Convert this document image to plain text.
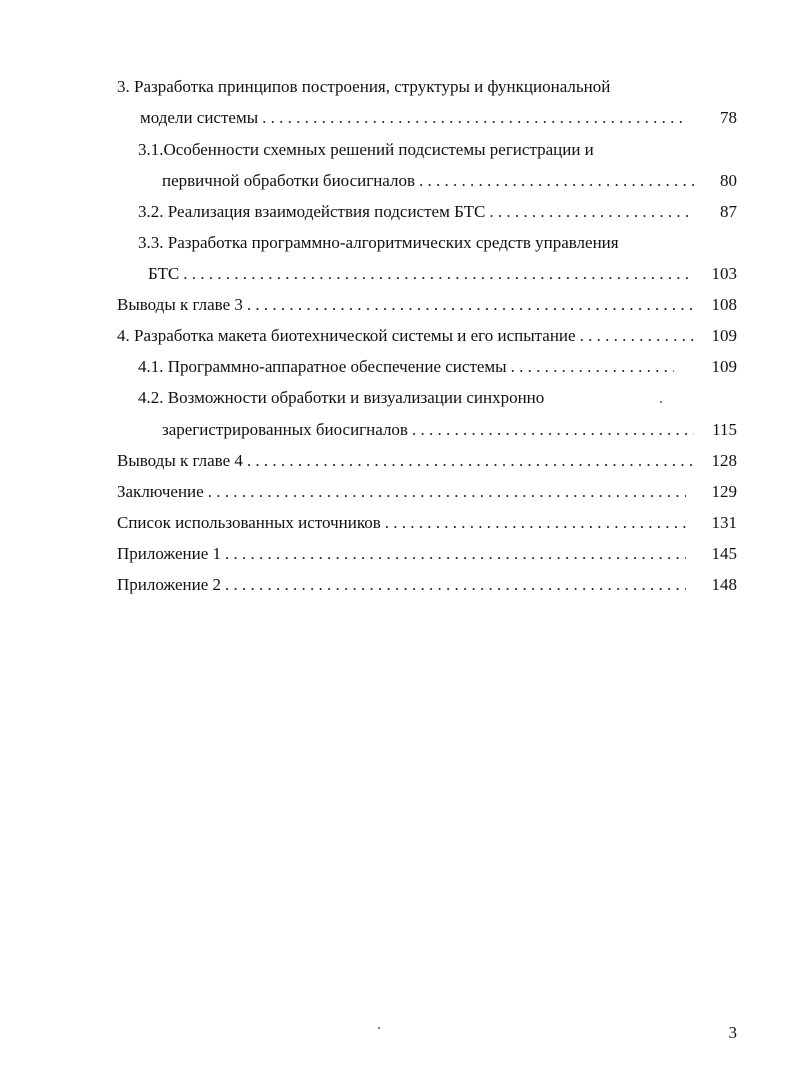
3. Разработка принципов построения, структуры и функциональной
модели системы . . .	78
3.1.Особенности схемных решений подсистемы регистрации и
первичной обработки биосигналов . . .	80
3.2. Реализация взаимодействия подсистем БТС . . .	87
3.3. Разработка программно-алгоритмических средств управления
БТС . . .	103
Выводы к главе 3 . . .	108
4. Разработка макета биотехнической системы и его испытание . . .	109
4.1. Программно-аппаратное обеспечение системы . . .	109
4.2. Возможности обработки и визуализации синхронно
зарегистрированных биосигналов . . .	115
Выводы к главе 4 . . .	128
Заключение . . .	129
Список использованных источников . . .	131
Приложение 1 . . .	145
Приложение 2 . . .	148
3
